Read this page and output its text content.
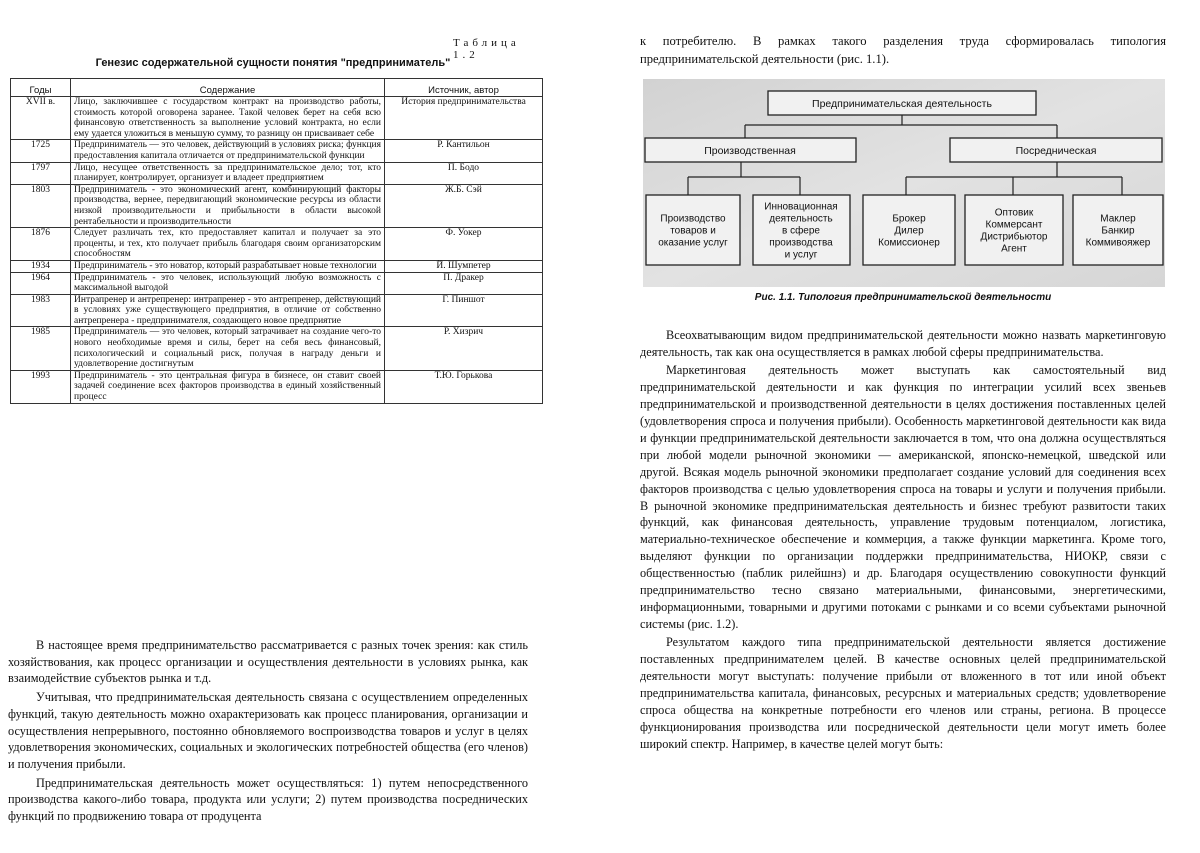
Таблица 1.2
Генезис содержательной сущности понятия "предприниматель"
Годы	Содержание	Источник, автор
XVII в.	Лицо, заключившее с государством контракт на производство работы, стоимость которой оговорена заранее. Такой человек берет на себя всю финансовую ответственность за выполнение условий контракта, но если ему удается уложиться в меньшую сумму, то разницу он присваивает себе	История предпринимательства
1725	Предприниматель — это человек, действующий в условиях риска; функция предоставления капитала отличается от предпринимательской функции	Р. Кантильон
1797	Лицо, несущее ответственность за предпринимательское дело; тот, кто планирует, контролирует, организует и владеет предприятием	П. Бодо
1803	Предприниматель - это экономический агент, комбинирующий факторы производства, вернее, передвигающий экономические ресурсы из области низкой производительности и прибыльности в области высокой рентабельности и производительности	Ж.Б. Сэй
1876	Следует различать тех, кто предоставляет капитал и получает за это проценты, и тех, кто получает прибыль благодаря своим организаторским способностям	Ф. Уокер
1934	Предприниматель - это новатор, который разрабатывает новые технологии	Й. Шумпетер
1964	Предприниматель - это человек, использующий любую возможность с максимальной выгодой	П. Дракер
1983	Интрапренер и антрепренер: интрапренер - это антрепренер, действующий в условиях уже существующего предприятия, в отличие от собственно антрепренера - предпринимателя, создающего новое предприятие	Г. Пиншот
1985	Предприниматель — это человек, который затрачивает на создание чего-то нового необходимые время и силы, берет на себя весь финансовый, психологический и социальный риск, получая в награду деньги и удовлетворение достигнутым	Р. Хизрич
1993	Предприниматель - это центральная фигура в бизнесе, он ставит своей задачей соединение всех факторов производства в единый хозяйственный процесс	Т.Ю. Горькова

В настоящее время предпринимательство рассматривается с разных точек зрения: как стиль хозяйствования, как процесс организации и осуществления деятельности в условиях рынка, как взаимодействие субъектов рынка и т.д.

Учитывая, что предпринимательская деятельность связана с осуществлением определенных функций, такую деятельность можно охарактеризовать как процесс планирования, организации и осуществления непрерывного, постоянно обновляемого воспроизводства товаров и услуг в целях удовлетворения экономических, социальных и экологических потребностей общества (его членов) и получения прибыли.

Предпринимательская деятельность может осуществляться: 1) путем непосредственного производства какого-либо товара, продукта или услуги; 2) путем производства посреднических функций по продвижению товара от продуцента

к потребителю. В рамках такого разделения труда сформировалась типология предпринимательской деятельности (рис. 1.1).

Предпринимательская деятельность
Производственная	Посредническая
Производство товаров и оказание услуг
Инновационная деятельность в сфере производства и услуг
Брокер Дилер Комиссионер
Оптовик Коммерсант Дистрибьютор Агент
Маклер Банкир Коммивояжер
Рис. 1.1. Типология предпринимательской деятельности

Всеохватывающим видом предпринимательской деятельности можно назвать маркетинговую деятельность, так как она осуществляется в рамках любой сферы предпринимательства.

Маркетинговая деятельность может выступать как самостоятельный вид предпринимательской деятельности и как функция по интеграции усилий всех звеньев предпринимательской и производственной деятельности в целях достижения поставленных целей (удовлетворения спроса и получения прибыли). Особенность маркетинговой деятельности как вида и функции предпринимательской деятельности заключается в том, что она должна осуществляться при любой модели рыночной экономики — американской, японско-немецкой, шведской или другой. Всякая модель рыночной экономики предполагает создание условий для соединения всех факторов производства с целью удовлетворения спроса на товары и услуги и получения прибыли. В рыночной экономике предпринимательская деятельность и бизнес требуют развитости таких функций, как финансовая деятельность, управление трудовым потенциалом, логистика, материально-техническое обеспечение и коммерция, а также функции маркетинга. Кроме того, выделяют функции по организации поддержки предпринимательства, НИОКР, связи с общественностью (паблик рилейшнз) и др. Благодаря осуществлению совокупности функций предпринимательство тесно связано материальными, финансовыми, энергетическими, информационными, товарными и другими потоками с рынками и со всеми субъектами рыночной системы (рис. 1.2).

Результатом каждого типа предпринимательской деятельности является достижение поставленных предпринимателем целей. В качестве основных целей предпринимательской деятельности могут выступать: получение прибыли от вложенного в тот или иной объект предпринимательства капитала, финансовых, ресурсных и материальных средств; удовлетворение спроса общества на конкретные потребности его членов или страны, региона. В процессе функционирования производства или посреднической деятельности цели могут иметь более широкий спектр. Например, в качестве целей могут быть:
